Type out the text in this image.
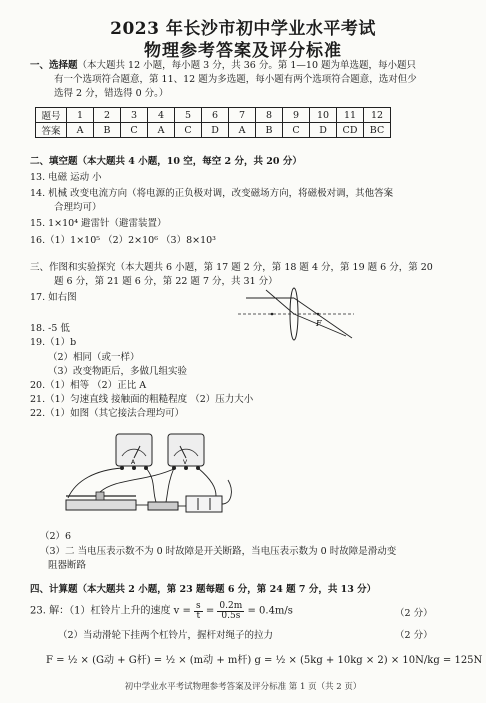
2023 年长沙市初中学业水平考试
物理参考答案及评分标准
一、选择题（本大题共 12 小题，每小题 3 分，共 36 分。第 1—10 题为单选题，每小题只
有一个选项符合题意，第 11、12 题为多选题，每小题有两个选项符合题意，选对但少
选得 2 分，错选得 0 分。）
题号	1	2	3	4	5	6	7	8	9	10	11	12
答案	A	B	C	A	C	D	A	B	C	D	CD	BC
二、填空题（本大题共 4 小题，10 空，每空 2 分，共 20 分）
13. 电磁 运动 小
14. 机械 改变电流方向（将电源的正负极对调，改变磁场方向，将磁极对调，其他答案
合理均可）
15. 1×10⁴ 避雷针（避雷装置）
16.（1）1×10⁵ （2）2×10⁶ （3）8×10³
三、作图和实验探究（本大题共 6 小题，第 17 题 2 分，第 18 题 4 分，第 19 题 6 分，第 20
题 6 分，第 21 题 6 分，第 22 题 7 分，共 31 分）
17. 如右图
F
18. -5 低
19.（1）b
（2）相同（或一样）
（3）改变物距后，多做几组实验
20.（1）相等 （2）正比 A
21.（1）匀速直线 接触面的粗糙程度 （2）压力大小
22.（1）如图（其它接法合理均可）
A	V
（2）6
（3）二 当电压表示数不为 0 时故障是开关断路，当电压表示数为 0 时故障是滑动变
阻器断路
四、计算题（本大题共 2 小题，第 23 题每题 6 分，第 24 题 7 分，共 13 分）
23. 解：（1）杠铃片上升的速度 $v = \frac{s}{t} = \frac{0.2m}{0.5s} = 0.4m/s$	（2 分）
（2）当动滑轮下挂两个杠铃片，握杆对绳子的拉力	（2 分）
F = ½ × (G动 + G杆) = ½ × (m动 + m杆) g = ½ × (5kg + 10kg × 2) × 10N/kg = 125N
初中学业水平考试物理参考答案及评分标准 第 1 页（共 2 页）
